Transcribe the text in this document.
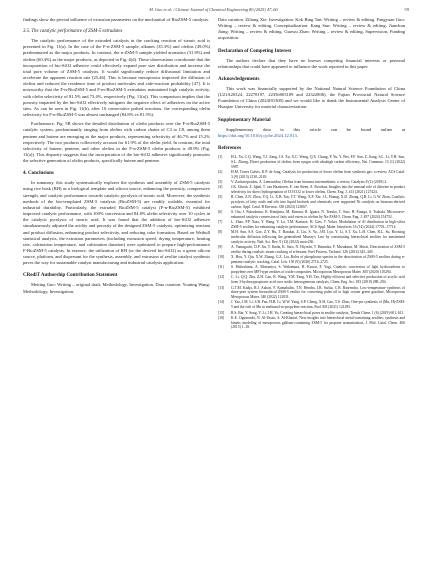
M. Guo et al. / Chinese Journal of Chemical Engineering 80 (2025) 47–60	59

findings show the pivotal influence of extrusion parameters on the mechanical of BioZSM-5 catalysts.

3.5. The catalytic performance of ZSM-5 extrudates

The catalytic performance of the extruded catalysts in the cracking reaction of stearic acid is presented in Fig. 11(a). In the case of the F-n-ZSM-5 sample, alkanes (35.3%) and olefins (49.0%) predominated as the major products. In contrast, the n-ZSM-5 sample yielded aromatics (31.8%) and olefins (60.4%) as the major products, as depicted in Fig. 4(d). These observations corroborate that the incorporation of bio-SiO2 adhesive could effectively expand pore size distribution and increase the total pore volume of ZSM-5 catalysts. It would significantly reduce diffusional limitation and accelerate the apparent reaction rate [25,46]. This is because mesoporous improved the diffusion of olefins and reduced the residence time of product molecules and side-reaction probability [47]. It is noteworthy that the F-n-BioZSM-5 and F-m-BioZSM-5 extrudates maintained high catalytic activity, with olefin selectivity of 81.5% and 73.4%, respectively (Fig. 11(a)). This comparison implies that the porosity imparted by the bio-SiO2 effectively mitigates the negative effect of adhesives on the active sites. As can be seen in Fig. 11(b), after 10 consecutive pulsed reactions, the corresponding olefin selectivity for F-n-BioZSM-5 was almost unchanged (84.8% vs 81.5%).

Furthermore, Fig. 5B shows the detailed distribution of olefin products over the F-n-BioZSM-5 catalytic system, predominantly ranging from olefins with carbon chains of C3 to C8, among them pentene and butene are emerging as the major products, representing selectivity of 46.7% and 15.2% respectively. The two products collectively account for 61.9% of the olefin yield. In contrast, the total selectivity of butene, pentene, and other olefins in the F-n-ZSM-5 olefin products is 49.9% (Fig. 11(a)). This disparity suggests that the incorporation of the bio-SiO2 adhesive significantly promotes the selective generation of olefin products, specifically butene and pentene.

4. Conclusions

In summary, this study systematically explores the synthesis and assembly of ZSM-5 catalysts using rice husk (RH) as a biological template and silicon source, enhancing the porosity, compressive strength, and catalytic performance towards catalytic pyrolysis of stearic acid. Moreover, the synthesis methods of the bio-templated ZSM-5 catalysts (BioZSM-5) are readily scalable, essential for industrial durability. Particularly, the extruded BioZSM-5 catalyst (F-n-BioZSM-5) exhibited improved catalytic performance, with 100% conversion and 84.8% olefin selectivity over 10 cycles in the catalytic pyrolysis of stearic acid. It was found that the addition of bio-SiO2 adhesive simultaneously adjusted the acidity and porosity of the designed ZSM-5 catalysts, optimizing reactant and product diffusion, enhancing product selectivity, and reducing coke formation. Based on Weibull statistical analysis, the extrusion parameters (including extrusion speed, drying temperature, heating rate, calcination temperature, and calcination duration) were optimized to prepare high-performance F-BioZSM-5 catalysts. In essence, the utilization of RH (or the derived bio-SiO2) as a green silicon source, platform, and dispersant for the synthesis, assembly, and extrusion of zeolite catalyst synthesis paves the way for sustainable catalyst manufacturing and industrial catalysis application.

CRediT Authorship Contribution Statement

Meiting Guo: Writing – original draft, Methodology, Investigation, Data curation. Youting Wang: Methodology, Investigation,

Data curation. Ziliang Xie: Investigation. Kok Bing Tan: Writing – review & editing. Fangyuan Guo: Writing – review & editing, Conceptualization. Kang Sun: Writing – review & editing. Jianchun Jiang: Writing – review & editing. Guowu Zhan: Writing – review & editing, Supervision, Funding acquisition.

Declaration of Competing Interest

The authors declare that they have no known competing financial interests or personal relationships that could have appeared to influence the work reported in this paper.

Acknowledgements

This work was financially supported by the National Natural Science Foundation of China (U21A20324, 22278197, 22356003189 and 22322806), the Fujian Provincial Natural Science Foundation of China (2024J01300) and we would like to thank the Instrumental Analysis Center of Huaqiao University for material characterization.

Supplementary Material

Supplementary data to this article can be found online at https://doi.org/10.1016/j.cjche.2024.12.013.

References
[1] H.L. Yu, C.Q. Wang, T.J. Jiang, J.S. Xu, X.C. Wang, Q.X. Chang, P. Yu, Y. Wei, F.F. Sun, Z. Jiang, S.L. Li, Y.H. Sun, S.L. Zhong, Direct production of olefins from syngas with ultrahigh carbon efficiency, Nat. Commun. 13 (1) (2022) 5987.
[2] H.M. Torres Galvis, K.P. de Jong, Catalysts for production of lower olefins from synthesis gas: a review, ACS Catal. 3 (9) (2013) 2130–2149.
[3] V. Zacharopoulou, A. Lemonidou, Olefins from biomass intermediates: a review, Catalysts 8 (1) (2018) 2.
[4] J.K. Ghosh, Z. Iqbal, T. van Haasteren, E. van Steen, A. Roodsaz, Insights into the unusual role of chlorine in product selectivity for direct hydrogenation of CO/CO2 to lower olefins, Chem. Eng. J. 413 (2021) 127424.
[5] B. Chen, Z.N. Zhou, Y.Q. Li, X.B. Tan, Y.T. Wang, X.F. Xie, J.L. Huang, X.D. Zhang, Q.B. Li, G.W. Zhan, Catalytic pyrolysis of fatty acids and oils into liquid biofuels and chemicals over supported Ni catalysts on biomass-derived carbon, Appl. Catal. B Environ. 338 (2023) 123067.
[6] S. Ota, J. Fukushima, K. Kimijima, M. Kimura, R. Iguara, N. Tezuka, T. Sato, H. Einaga, S. Tsubaki, Microwave-enhanced catalytic conversion of fatty acid esters to olefins by Na-ZSM-5, Chem. Eng. J. 497 (2024) 154752.
[7] L. Zhao, P.P. Xiao, Y. Wang, Y. Lu, T.M. Kasinoe, H. Gies, T. Yokoi, Modulation of Al distribution in high-silica ZSM-5 zeolites for enhancing catalytic performance, ACS Appl. Mater. Interfaces 16 (14) (2024) 17701–17714.
[8] M.H. Sun, S.S. Gao, Z.Y. Hu, T. Barakat, Z. Liu, S. Yu, J.M. Lyu, Y. Li, S.T. Xu, L.H. Chen, B.L. Su, Boosting molecular diffusion following the generalized Murray's Law by constructing hierarchical zeolites for maximized catalytic activity, Natl. Sci. Rev. 9 (12) (2022) nwac236.
[9] A. Yamaguchi, D.F. Jin, T. Ikeda, K. Sato, N. Hiyoshi, T. Hanaoka, F. Mizukami, M. Shirai, Deactivation of ZSM-5 zeolite during catalytic steam cracking of n-hexane, Fuel Process. Technol. 126 (2014) 343–349.
[10] X. Hou, Y. Qiu, X.W. Zhang, G.Z. Liu, Roles of phosphorus species in the deactivation of ZSM-5 zeolites during n-pentane catalytic cracking, Catal. Lett. 150 (9) (2020) 2716–2725.
[11] S. Hidouhima, A. Motomiya, S. Wakamura, R. Kawai, F. Yagi, Catalytic conversion of light hydrocarbons to propylene over MFI-type zeolites of oxide composites, Microporous Mesoporous Mater. 305 (2020) 110294.
[12] C. Li, Q.Q. Zhu, Z.H. Gao, B. Wang, Y.M. Fang, Y.H. Tao, Highly efficient and selective production of acrylic acid from 3-hydroxypropionic acid over acidic heterogeneous catalysts, Chem. Eng. Sci. 183 (2018) 288–294.
[13] G.T.M. Kadja, R.J. Azhari, F. Kamaludin, T.N. Hendra, I.R. Saftia, C.B. Rasrendra, Low-temperature synthesis of three-pore system hierarchical ZSM-5 zeolite for converting palm oil to high octane green gasoline, Microporous Mesoporous Mater. 340 (2022) 112031.
[14] J. Yao, J.M. Li, S.B. Fan, H.B. Li, W.W. Yang, S.P. Cheng, X.H. Gao, T.S. Zhao, One-pot synthesis of (Mn, H)-ZSM-5 and the role of Mn in methanol-to-propylene reaction, Fuel 303 (2021) 121295.
[15] B.S. Bai, Y. Song, Y. Li, J.H. Yu, Creating hierarchical pores in zeolite catalysts, Trends Chem. 1 (6) (2019) 601–611.
[16] K.E. Ogunronbi, N. Al-Yassir, S. Al-Khattaf, New insights into hierarchical metal-containing zeolites; synthesis and kinetic modeling of mesoporous gallium-containing ZSM-5 for propane aromatization, J. Mol. Catal. Chem. 406 (2015) 1–18.
